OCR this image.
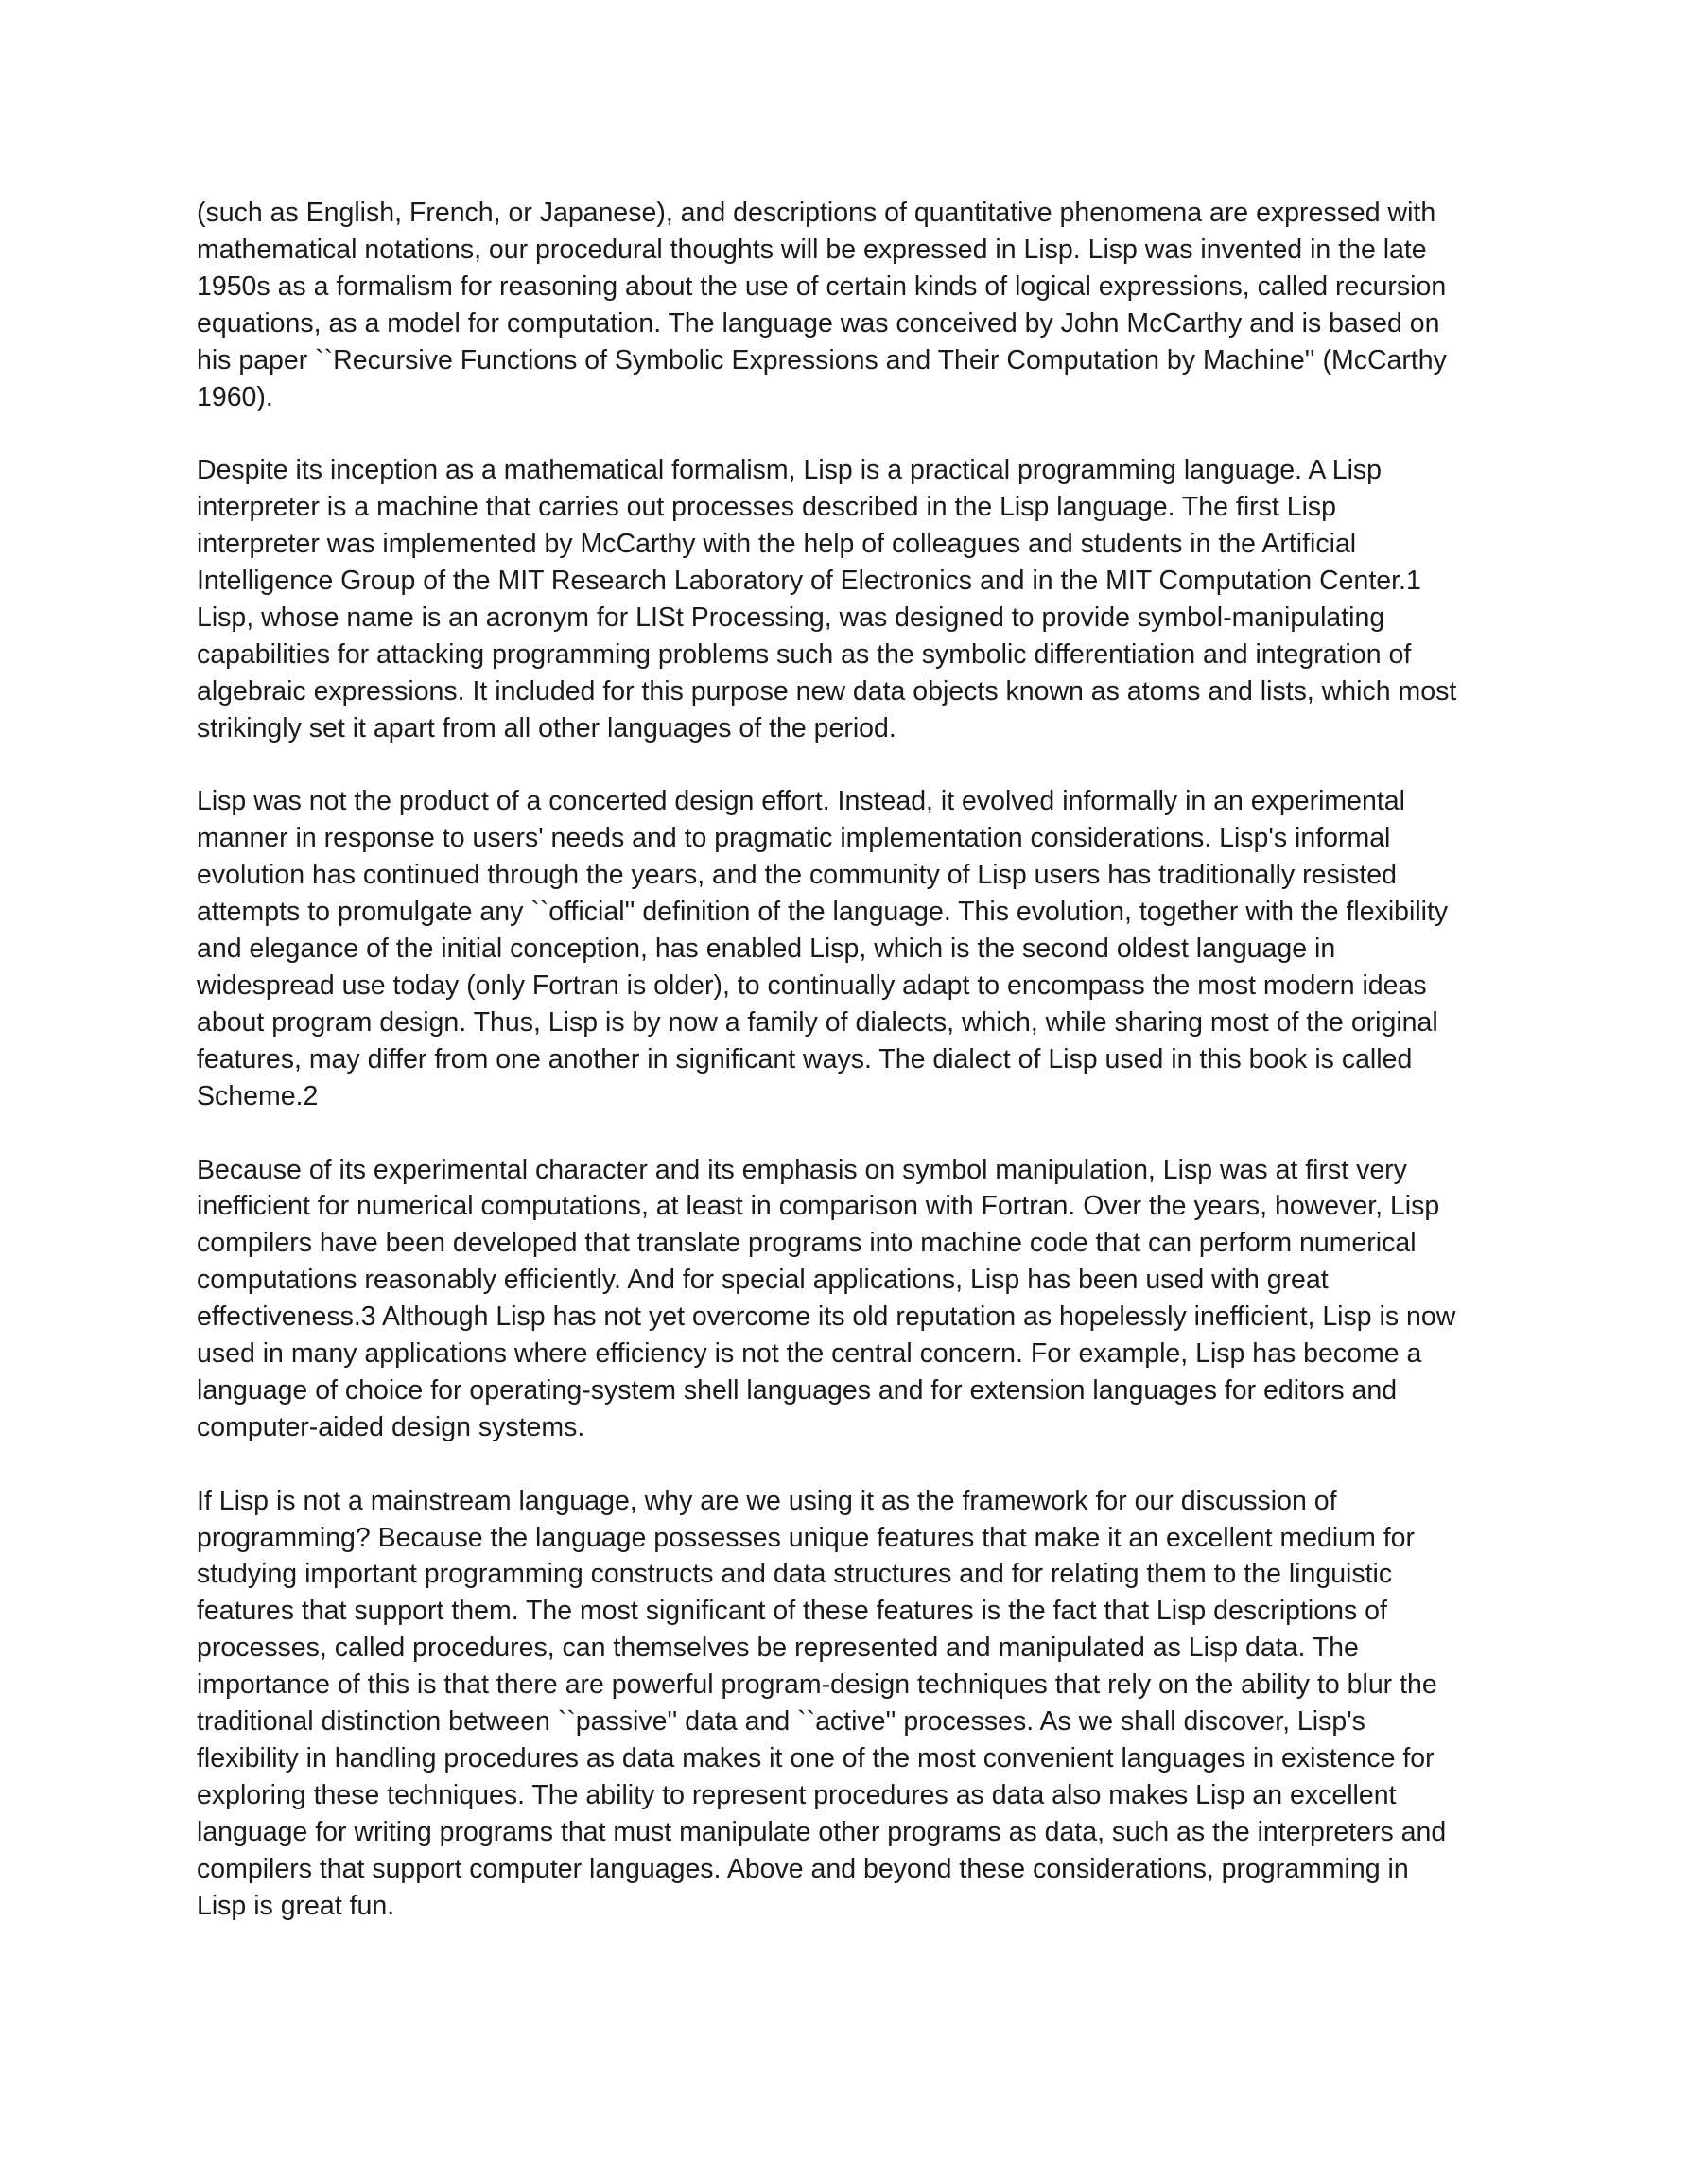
(such as English, French, or Japanese), and descriptions of quantitative phenomena are expressed with
mathematical notations, our procedural thoughts will be expressed in Lisp. Lisp was invented in the late
1950s as a formalism for reasoning about the use of certain kinds of logical expressions, called recursion
equations, as a model for computation. The language was conceived by John McCarthy and is based on
his paper ``Recursive Functions of Symbolic Expressions and Their Computation by Machine'' (McCarthy
1960).

Despite its inception as a mathematical formalism, Lisp is a practical programming language. A Lisp
interpreter is a machine that carries out processes described in the Lisp language. The first Lisp
interpreter was implemented by McCarthy with the help of colleagues and students in the Artificial
Intelligence Group of the MIT Research Laboratory of Electronics and in the MIT Computation Center.1
Lisp, whose name is an acronym for LISt Processing, was designed to provide symbol-manipulating
capabilities for attacking programming problems such as the symbolic differentiation and integration of
algebraic expressions. It included for this purpose new data objects known as atoms and lists, which most
strikingly set it apart from all other languages of the period.

Lisp was not the product of a concerted design effort. Instead, it evolved informally in an experimental
manner in response to users' needs and to pragmatic implementation considerations. Lisp's informal
evolution has continued through the years, and the community of Lisp users has traditionally resisted
attempts to promulgate any ``official'' definition of the language. This evolution, together with the flexibility
and elegance of the initial conception, has enabled Lisp, which is the second oldest language in
widespread use today (only Fortran is older), to continually adapt to encompass the most modern ideas
about program design. Thus, Lisp is by now a family of dialects, which, while sharing most of the original
features, may differ from one another in significant ways. The dialect of Lisp used in this book is called
Scheme.2

Because of its experimental character and its emphasis on symbol manipulation, Lisp was at first very
inefficient for numerical computations, at least in comparison with Fortran. Over the years, however, Lisp
compilers have been developed that translate programs into machine code that can perform numerical
computations reasonably efficiently. And for special applications, Lisp has been used with great
effectiveness.3 Although Lisp has not yet overcome its old reputation as hopelessly inefficient, Lisp is now
used in many applications where efficiency is not the central concern. For example, Lisp has become a
language of choice for operating-system shell languages and for extension languages for editors and
computer-aided design systems.

If Lisp is not a mainstream language, why are we using it as the framework for our discussion of
programming? Because the language possesses unique features that make it an excellent medium for
studying important programming constructs and data structures and for relating them to the linguistic
features that support them. The most significant of these features is the fact that Lisp descriptions of
processes, called procedures, can themselves be represented and manipulated as Lisp data. The
importance of this is that there are powerful program-design techniques that rely on the ability to blur the
traditional distinction between ``passive'' data and ``active'' processes. As we shall discover, Lisp's
flexibility in handling procedures as data makes it one of the most convenient languages in existence for
exploring these techniques. The ability to represent procedures as data also makes Lisp an excellent
language for writing programs that must manipulate other programs as data, such as the interpreters and
compilers that support computer languages. Above and beyond these considerations, programming in
Lisp is great fun.
